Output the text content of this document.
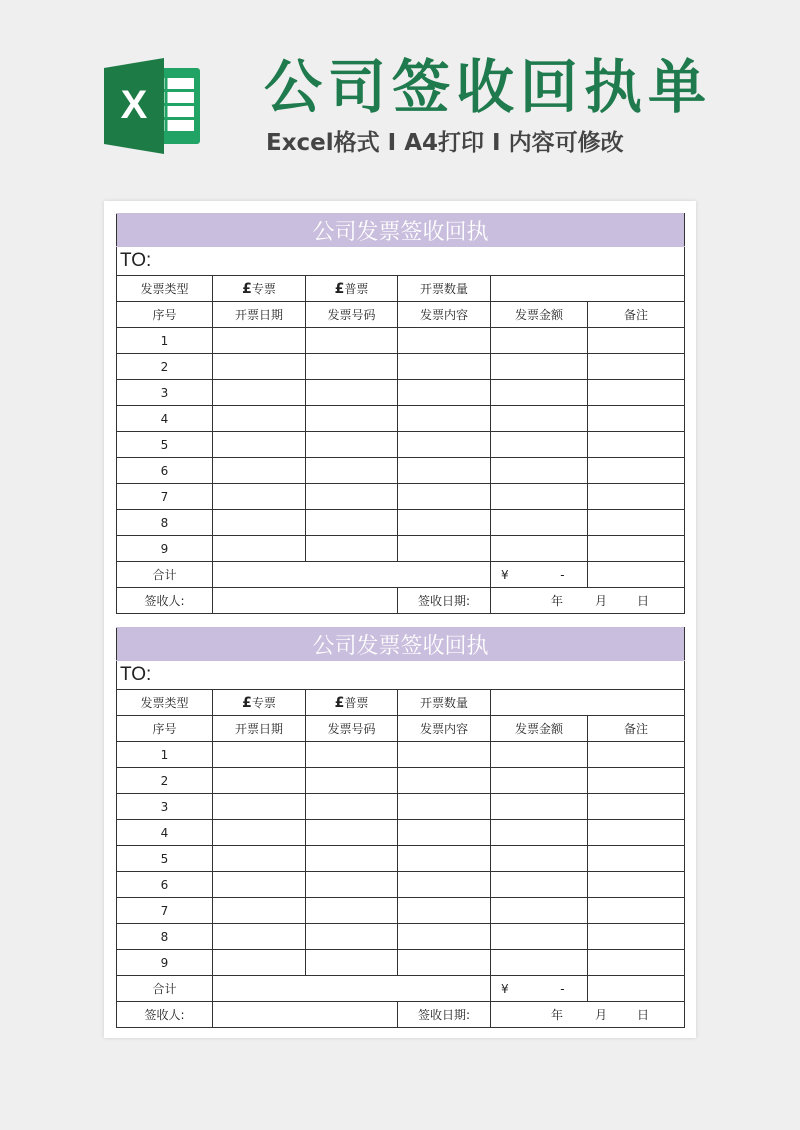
X 公司签收回执单
Excel格式 I A4打印 I 内容可修改
公司发票签收回执					
TO:					
发票类型	£专票	£普票	开票数量		
序号	开票日期	发票号码	发票内容	发票金额	备注
1					
2					
3					
4					
5					
6					
7					
8					
9					
合计				¥ -	
签收人:			签收日期:	年 月 日	
公司发票签收回执					
TO:					
发票类型	£专票	£普票	开票数量		
序号	开票日期	发票号码	发票内容	发票金额	备注
1					
2					
3					
4					
5					
6					
7					
8					
9					
合计				¥ -	
签收人:			签收日期:	年 月 日	
